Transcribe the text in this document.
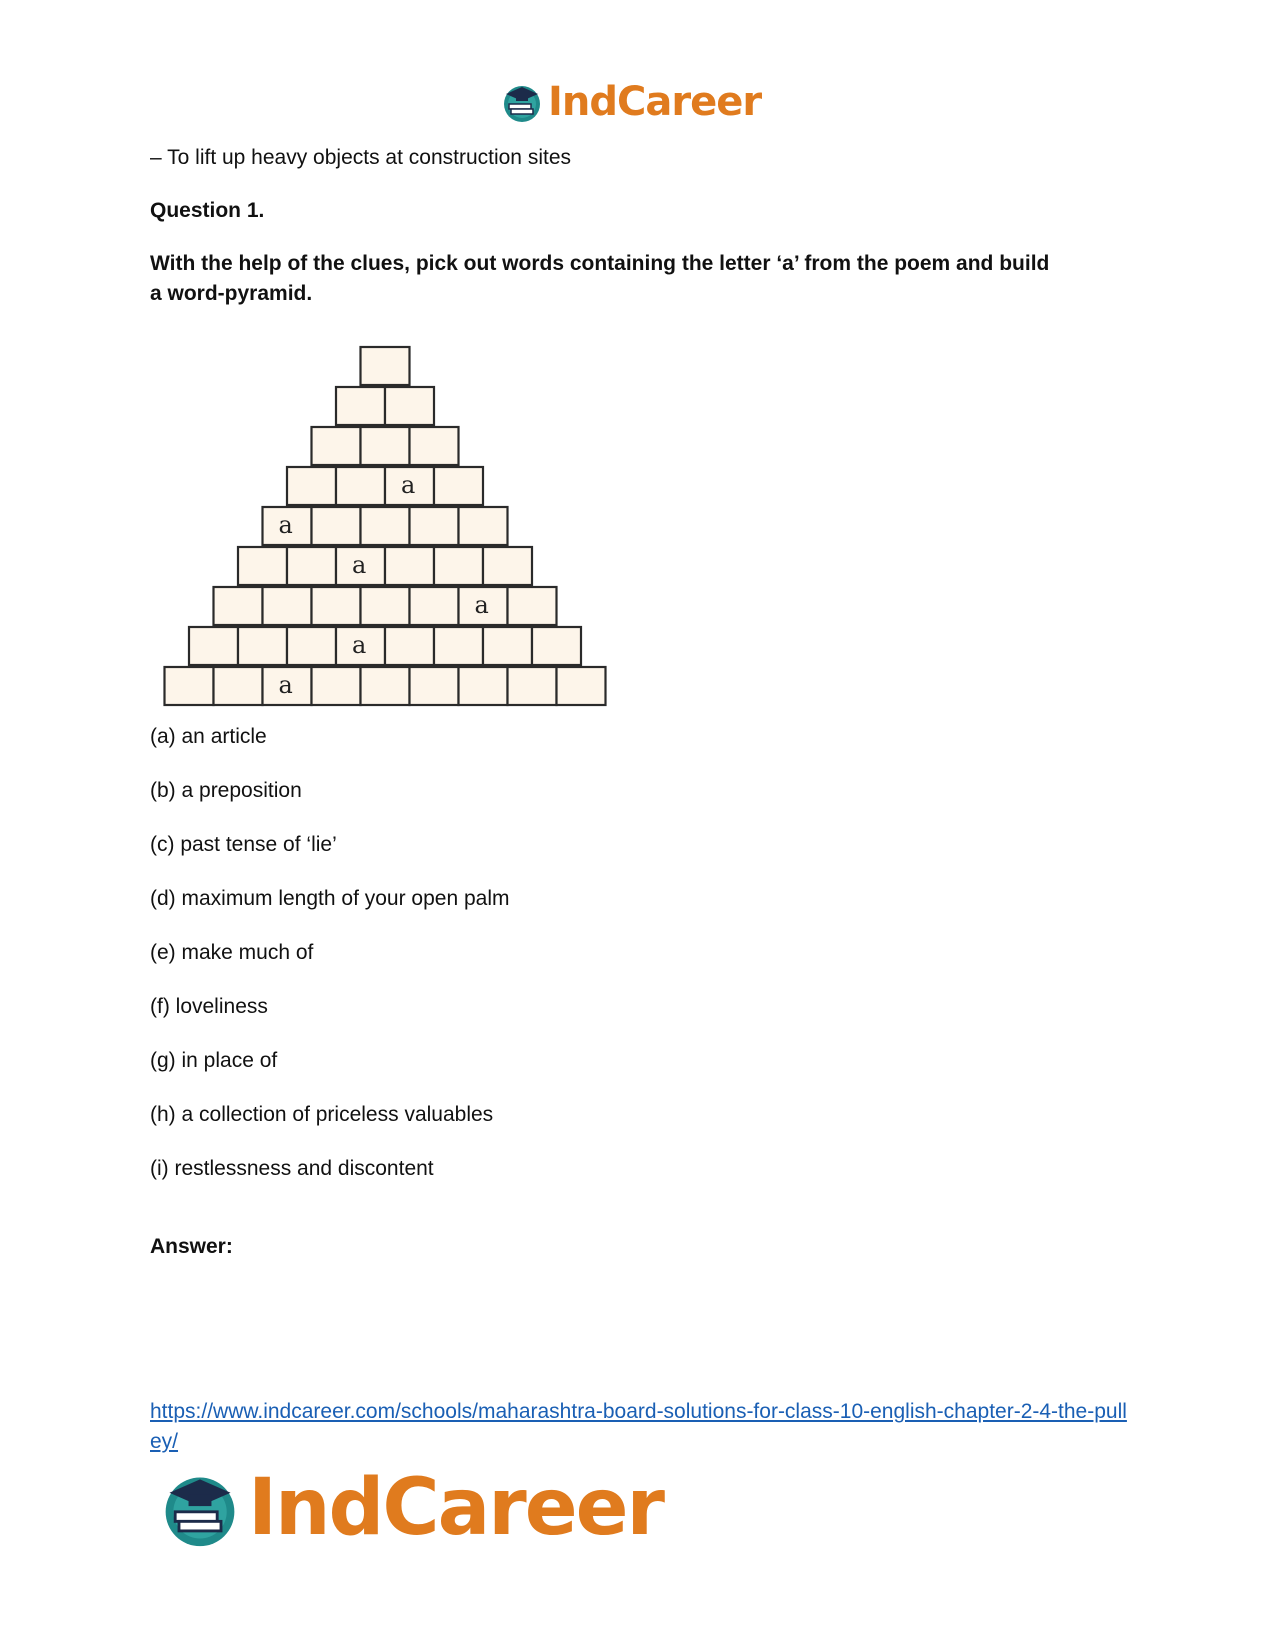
IndCareer

– To lift up heavy objects at construction sites

Question 1.

With the help of the clues, pick out words containing the letter ‘a’ from the poem and build a word-pyramid.

a
a
a
a
a
a

(a) an article

(b) a preposition

(c) past tense of ‘lie’

(d) maximum length of your open palm

(e) make much of

(f) loveliness

(g) in place of

(h) a collection of priceless valuables

(i) restlessness and discontent

Answer:

https://www.indcareer.com/schools/maharashtra-board-solutions-for-class-10-english-chapter-2-4-the-pulley/
IndCareer
